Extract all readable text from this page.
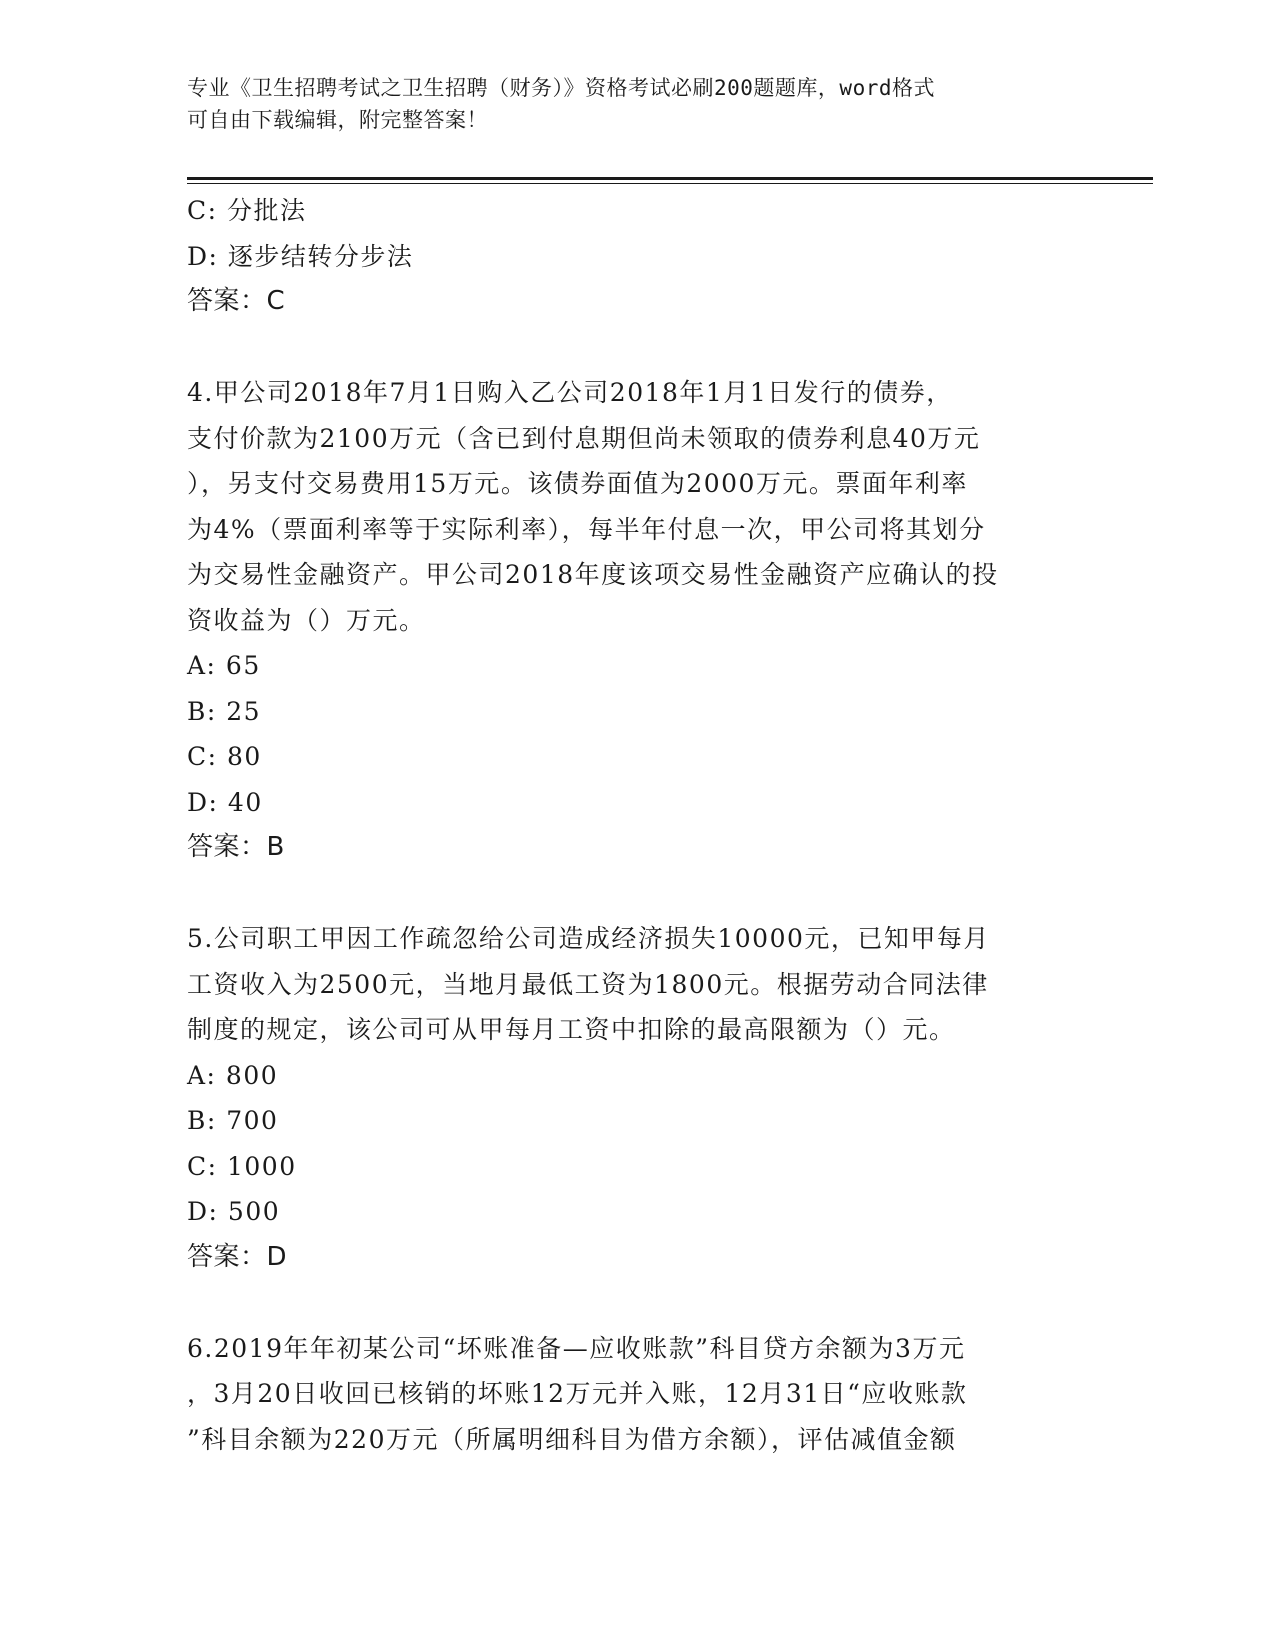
专业《卫生招聘考试之卫生招聘（财务）》资格考试必刷200题题库，word格式
可自由下载编辑，附完整答案！
C: 分批法
D: 逐步结转分步法
答案：C
4.甲公司2018年7月1日购入乙公司2018年1月1日发行的债券，
支付价款为2100万元（含已到付息期但尚未领取的债券利息40万元
），另支付交易费用15万元。该债券面值为2000万元。票面年利率
为4%（票面利率等于实际利率），每半年付息一次，甲公司将其划分
为交易性金融资产。甲公司2018年度该项交易性金融资产应确认的投
资收益为（）万元。
A: 65
B: 25
C: 80
D: 40
答案：B
5.公司职工甲因工作疏忽给公司造成经济损失10000元，已知甲每月
工资收入为2500元，当地月最低工资为1800元。根据劳动合同法律
制度的规定，该公司可从甲每月工资中扣除的最高限额为（）元。
A: 800
B: 700
C: 1000
D: 500
答案：D
6.2019年年初某公司“坏账准备—应收账款”科目贷方余额为3万元
，3月20日收回已核销的坏账12万元并入账，12月31日“应收账款
”科目余额为220万元（所属明细科目为借方余额），评估减值金额
